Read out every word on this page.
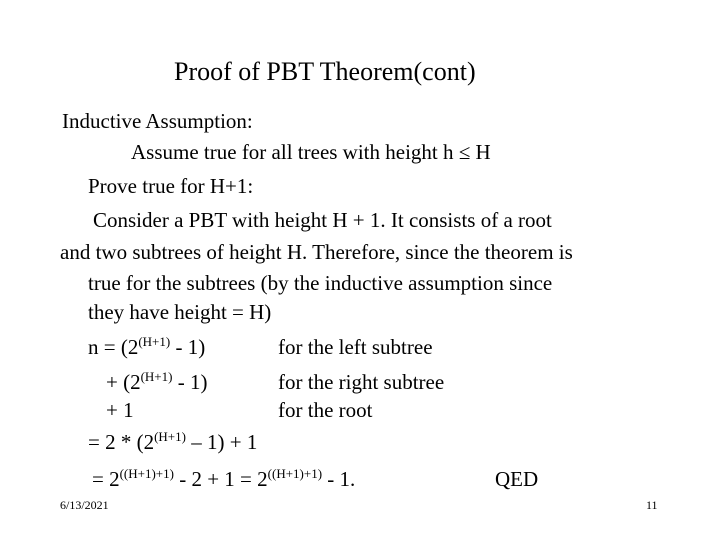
Proof of PBT Theorem(cont)
Inductive Assumption:
Assume true for all trees with height h ≤ H
Prove true for H+1:
Consider a PBT with height H + 1. It consists of a root
and two subtrees of height H. Therefore, since the theorem is
true for the subtrees (by the inductive assumption since
they have height = H)
$n = (2^{(H+1)} - 1)$	for the left subtree
+ $(2^{(H+1)} - 1)$	for the right subtree
+ 1	for the root
= $2 * (2^{(H+1)} - 1) + 1$
= $2^{((H+1)+1)} - 2 + 1 = 2^{((H+1)+1)} - 1$.	QED
6/13/2021	11
